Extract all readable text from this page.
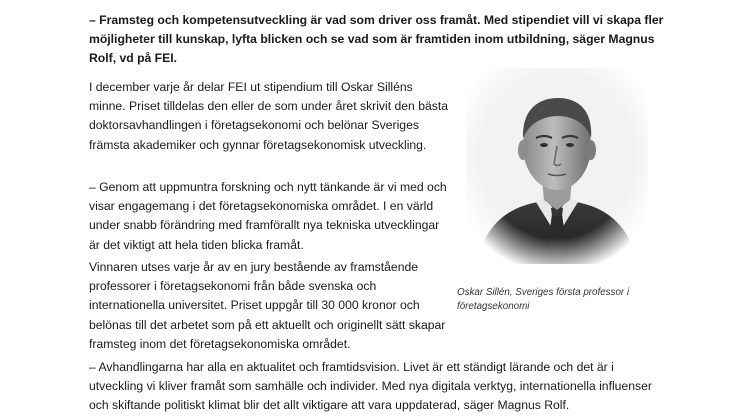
– Framsteg och kompetensutveckling är vad som driver oss framåt. Med stipendiet vill vi skapa fler möjligheter till kunskap, lyfta blicken och se vad som är framtiden inom utbildning, säger Magnus Rolf, vd på FEI.

I december varje år delar FEI ut stipendium till Oskar Silléns minne. Priset tilldelas den eller de som under året skrivit den bästa doktorsavhandlingen i företagsekonomi och belönar Sveriges främsta akademiker och gynnar företagsekonomisk utveckling.

– Genom att uppmuntra forskning och nytt tänkande är vi med och visar engagemang i det företagsekonomiska området. I en värld under snabb förändring med framförallt nya tekniska utvecklingar är det viktigt att hela tiden blicka framåt.

Vinnaren utses varje år av en jury bestående av framstående professorer i företagsekonomi från både svenska och internationella universitet. Priset uppgår till 30 000 kronor och belönas till det arbetet som på ett aktuellt och originellt sätt skapar framsteg inom det företagsekonomiska området.

Oskar Sillén, Sveriges första professor i företagsekonomi

– Avhandlingarna har alla en aktualitet och framtidsvision. Livet är ett ständigt lärande och det är i utveckling vi kliver framåt som samhälle och individer. Med nya digitala verktyg, internationella influenser och skiftande politiskt klimat blir det allt viktigare att vara uppdaterad, säger Magnus Rolf.
